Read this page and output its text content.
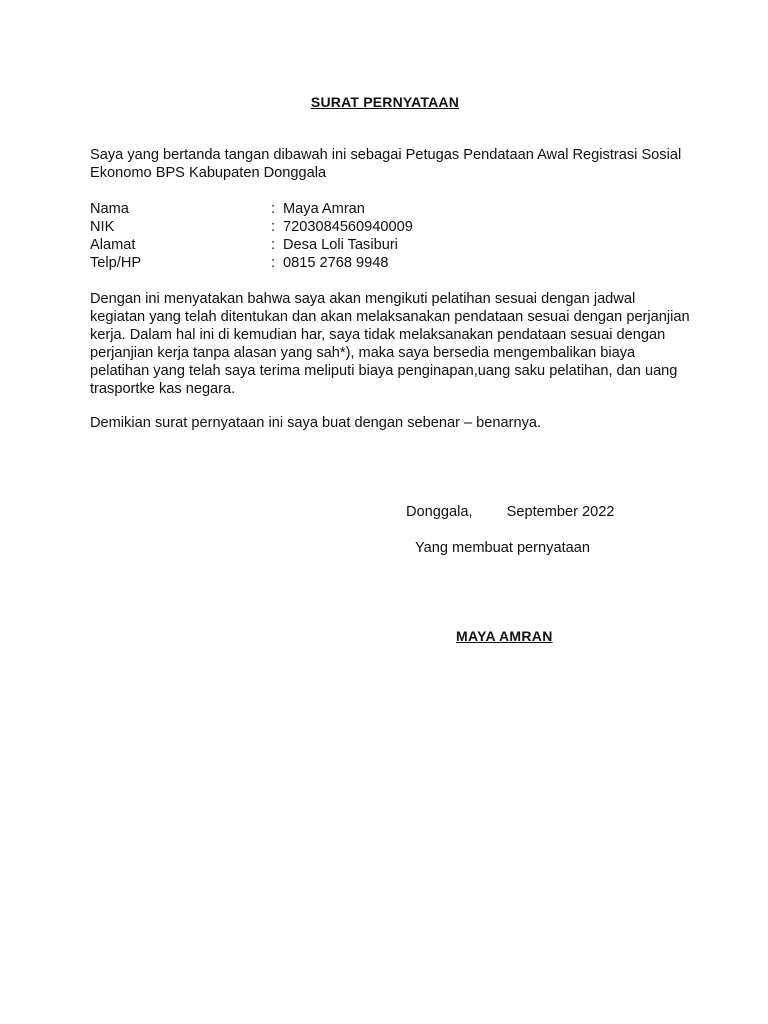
SURAT PERNYATAAN
Saya yang bertanda tangan dibawah ini sebagai Petugas Pendataan Awal Registrasi Sosial Ekonomo BPS Kabupaten Donggala
Nama	: Maya Amran
NIK	: 7203084560940009
Alamat	: Desa Loli Tasiburi
Telp/HP	: 0815 2768 9948
Dengan ini menyatakan bahwa saya akan mengikuti pelatihan sesuai dengan jadwal kegiatan yang telah ditentukan dan akan melaksanakan pendataan sesuai dengan perjanjian kerja. Dalam hal ini di kemudian har, saya tidak melaksanakan pendataan sesuai dengan perjanjian kerja tanpa alasan yang sah*), maka saya bersedia mengembalikan biaya pelatihan yang telah saya terima meliputi biaya penginapan,uang saku pelatihan, dan uang trasportke kas negara.
Demikian surat pernyataan ini saya buat dengan sebenar – benarnya.
Donggala, September 2022
Yang membuat pernyataan
MAYA AMRAN
